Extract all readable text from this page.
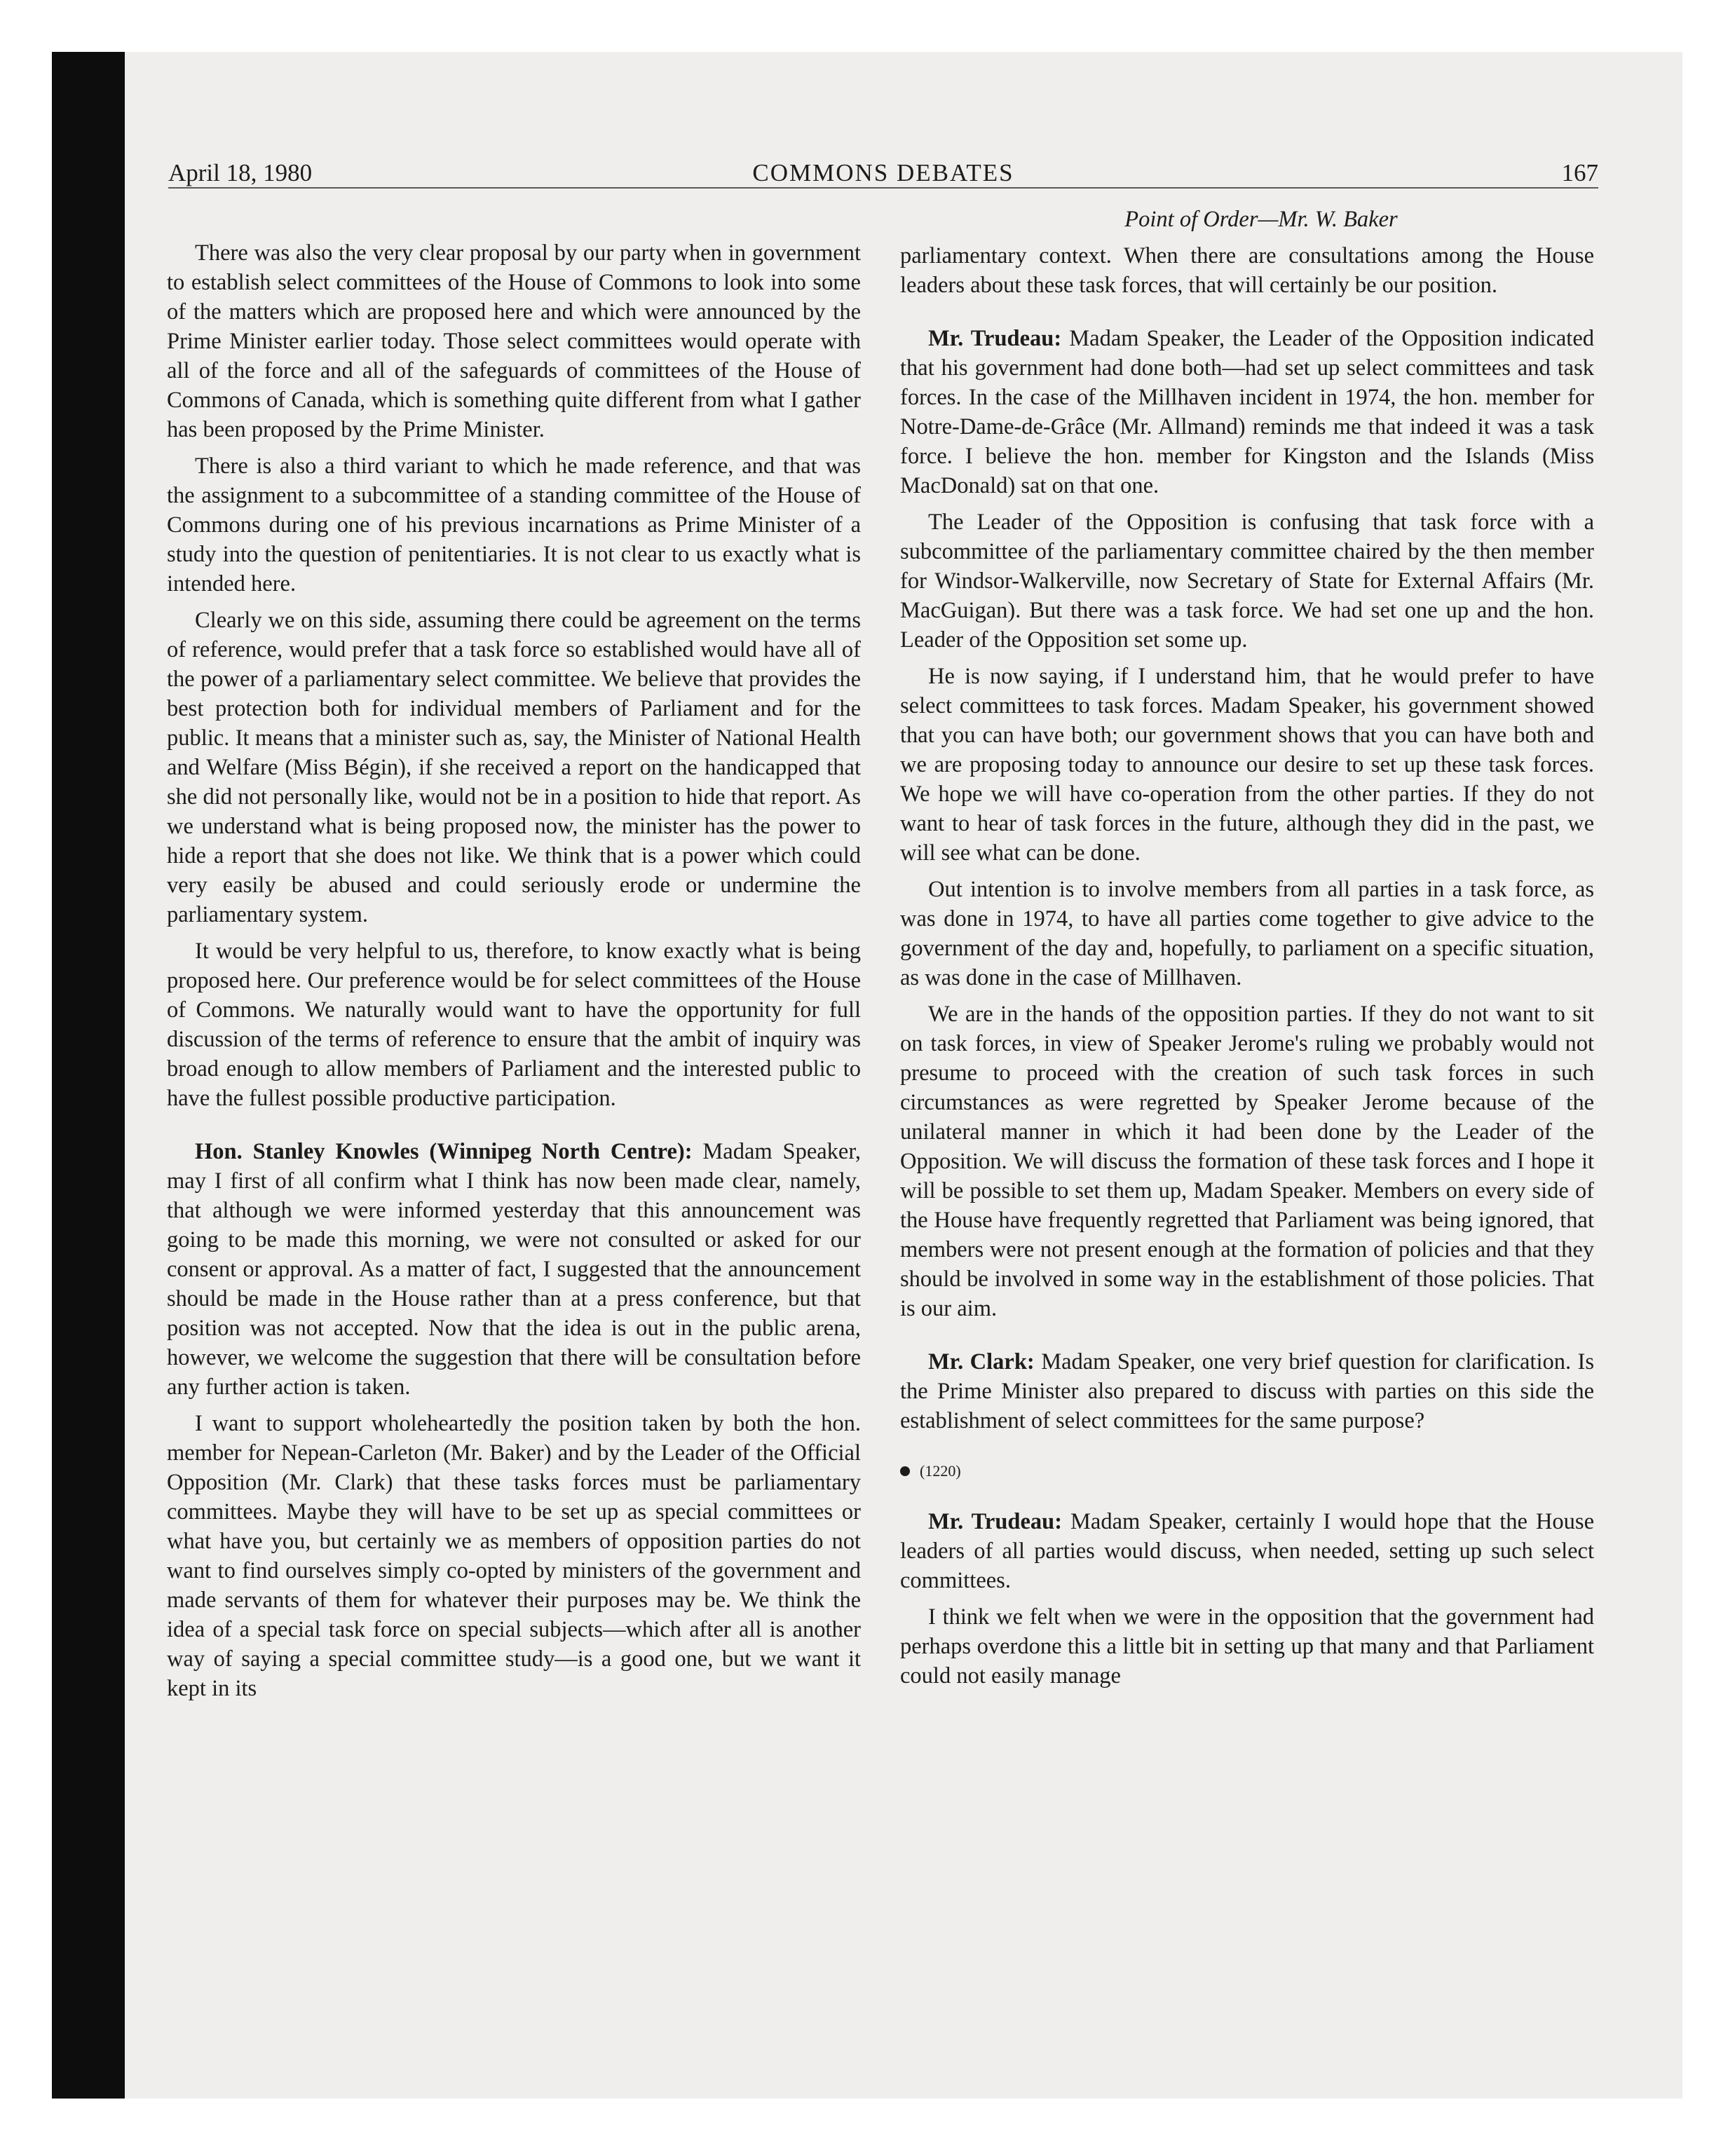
April 18, 1980	COMMONS DEBATES	167

There was also the very clear proposal by our party when in government to establish select committees of the House of Commons to look into some of the matters which are proposed here and which were announced by the Prime Minister earlier today. Those select committees would operate with all of the force and all of the safeguards of committees of the House of Commons of Canada, which is something quite different from what I gather has been proposed by the Prime Minister.

There is also a third variant to which he made reference, and that was the assignment to a subcommittee of a standing committee of the House of Commons during one of his previous incarnations as Prime Minister of a study into the question of penitentiaries. It is not clear to us exactly what is intended here.

Clearly we on this side, assuming there could be agreement on the terms of reference, would prefer that a task force so established would have all of the power of a parliamentary select committee. We believe that provides the best protection both for individual members of Parliament and for the public. It means that a minister such as, say, the Minister of National Health and Welfare (Miss Bégin), if she received a report on the handicapped that she did not personally like, would not be in a position to hide that report. As we understand what is being proposed now, the minister has the power to hide a report that she does not like. We think that is a power which could very easily be abused and could seriously erode or undermine the parliamentary system.

It would be very helpful to us, therefore, to know exactly what is being proposed here. Our preference would be for select committees of the House of Commons. We naturally would want to have the opportunity for full discussion of the terms of reference to ensure that the ambit of inquiry was broad enough to allow members of Parliament and the interested public to have the fullest possible productive participation.

Hon. Stanley Knowles (Winnipeg North Centre): Madam Speaker, may I first of all confirm what I think has now been made clear, namely, that although we were informed yesterday that this announcement was going to be made this morning, we were not consulted or asked for our consent or approval. As a matter of fact, I suggested that the announcement should be made in the House rather than at a press conference, but that position was not accepted. Now that the idea is out in the public arena, however, we welcome the suggestion that there will be consultation before any further action is taken.

I want to support wholeheartedly the position taken by both the hon. member for Nepean-Carleton (Mr. Baker) and by the Leader of the Official Opposition (Mr. Clark) that these tasks forces must be parliamentary committees. Maybe they will have to be set up as special committees or what have you, but certainly we as members of opposition parties do not want to find ourselves simply co-opted by ministers of the government and made servants of them for whatever their purposes may be. We think the idea of a special task force on special subjects—which after all is another way of saying a special committee study—is a good one, but we want it kept in its

Point of Order—Mr. W. Baker

parliamentary context. When there are consultations among the House leaders about these task forces, that will certainly be our position.

Mr. Trudeau: Madam Speaker, the Leader of the Opposition indicated that his government had done both—had set up select committees and task forces. In the case of the Millhaven incident in 1974, the hon. member for Notre-Dame-de-Grâce (Mr. Allmand) reminds me that indeed it was a task force. I believe the hon. member for Kingston and the Islands (Miss MacDonald) sat on that one.

The Leader of the Opposition is confusing that task force with a subcommittee of the parliamentary committee chaired by the then member for Windsor-Walkerville, now Secretary of State for External Affairs (Mr. MacGuigan). But there was a task force. We had set one up and the hon. Leader of the Opposition set some up.

He is now saying, if I understand him, that he would prefer to have select committees to task forces. Madam Speaker, his government showed that you can have both; our government shows that you can have both and we are proposing today to announce our desire to set up these task forces. We hope we will have co-operation from the other parties. If they do not want to hear of task forces in the future, although they did in the past, we will see what can be done.

Out intention is to involve members from all parties in a task force, as was done in 1974, to have all parties come together to give advice to the government of the day and, hopefully, to parliament on a specific situation, as was done in the case of Millhaven.

We are in the hands of the opposition parties. If they do not want to sit on task forces, in view of Speaker Jerome's ruling we probably would not presume to proceed with the creation of such task forces in such circumstances as were regretted by Speaker Jerome because of the unilateral manner in which it had been done by the Leader of the Opposition. We will discuss the formation of these task forces and I hope it will be possible to set them up, Madam Speaker. Members on every side of the House have frequently regretted that Parliament was being ignored, that members were not present enough at the formation of policies and that they should be involved in some way in the establishment of those policies. That is our aim.

Mr. Clark: Madam Speaker, one very brief question for clarification. Is the Prime Minister also prepared to discuss with parties on this side the establishment of select committees for the same purpose?

(1220)

Mr. Trudeau: Madam Speaker, certainly I would hope that the House leaders of all parties would discuss, when needed, setting up such select committees.

I think we felt when we were in the opposition that the government had perhaps overdone this a little bit in setting up that many and that Parliament could not easily manage
